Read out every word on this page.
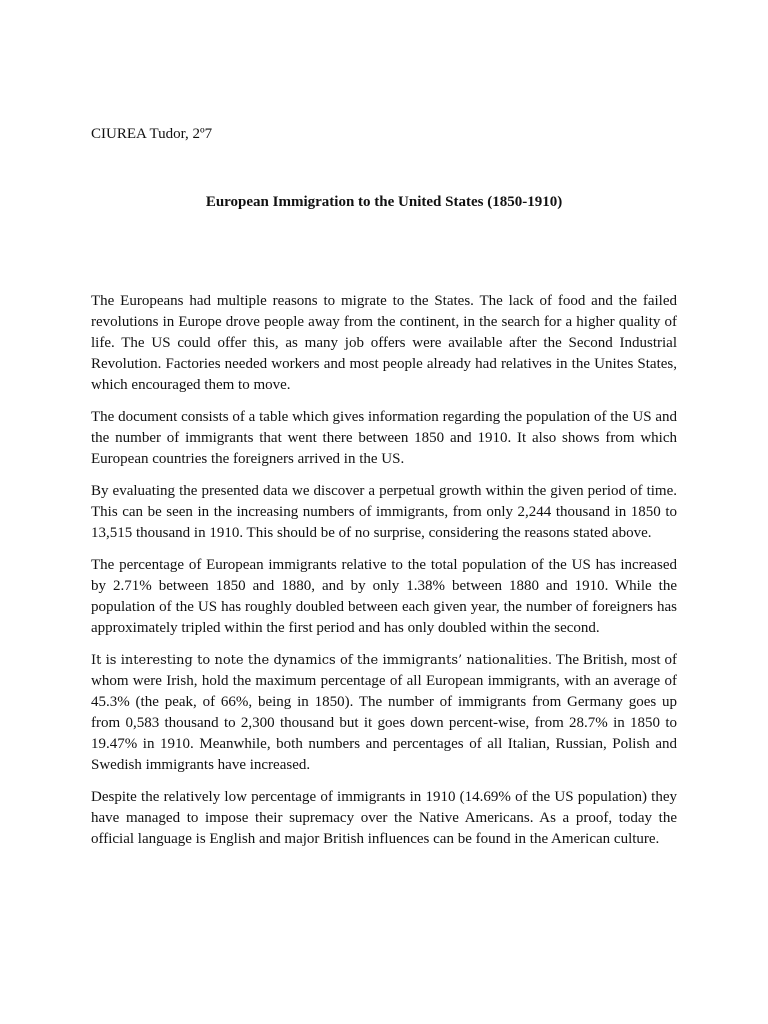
CIUREA Tudor, 2º7

European Immigration to the United States (1850-1910)

The Europeans had multiple reasons to migrate to the States. The lack of food and the failed revolutions in Europe drove people away from the continent, in the search for a higher quality of life. The US could offer this, as many job offers were available after the Second Industrial Revolution. Factories needed workers and most people already had relatives in the Unites States, which encouraged them to move.

The document consists of a table which gives information regarding the population of the US and the number of immigrants that went there between 1850 and 1910. It also shows from which European countries the foreigners arrived in the US.

By evaluating the presented data we discover a perpetual growth within the given period of time. This can be seen in the increasing numbers of immigrants, from only 2,244 thousand in 1850 to 13,515 thousand in 1910. This should be of no surprise, considering the reasons stated above.

The percentage of European immigrants relative to the total population of the US has increased by 2.71% between 1850 and 1880, and by only 1.38% between 1880 and 1910. While the population of the US has roughly doubled between each given year, the number of foreigners has approximately tripled within the first period and has only doubled within the second.

It is interesting to note the dynamics of the immigrants’ nationalities. The British, most of whom were Irish, hold the maximum percentage of all European immigrants, with an average of 45.3% (the peak, of 66%, being in 1850). The number of immigrants from Germany goes up from 0,583 thousand to 2,300 thousand but it goes down percent-wise, from 28.7% in 1850 to 19.47% in 1910. Meanwhile, both numbers and percentages of all Italian, Russian, Polish and Swedish immigrants have increased.

Despite the relatively low percentage of immigrants in 1910 (14.69% of the US population) they have managed to impose their supremacy over the Native Americans. As a proof, today the official language is English and major British influences can be found in the American culture.
